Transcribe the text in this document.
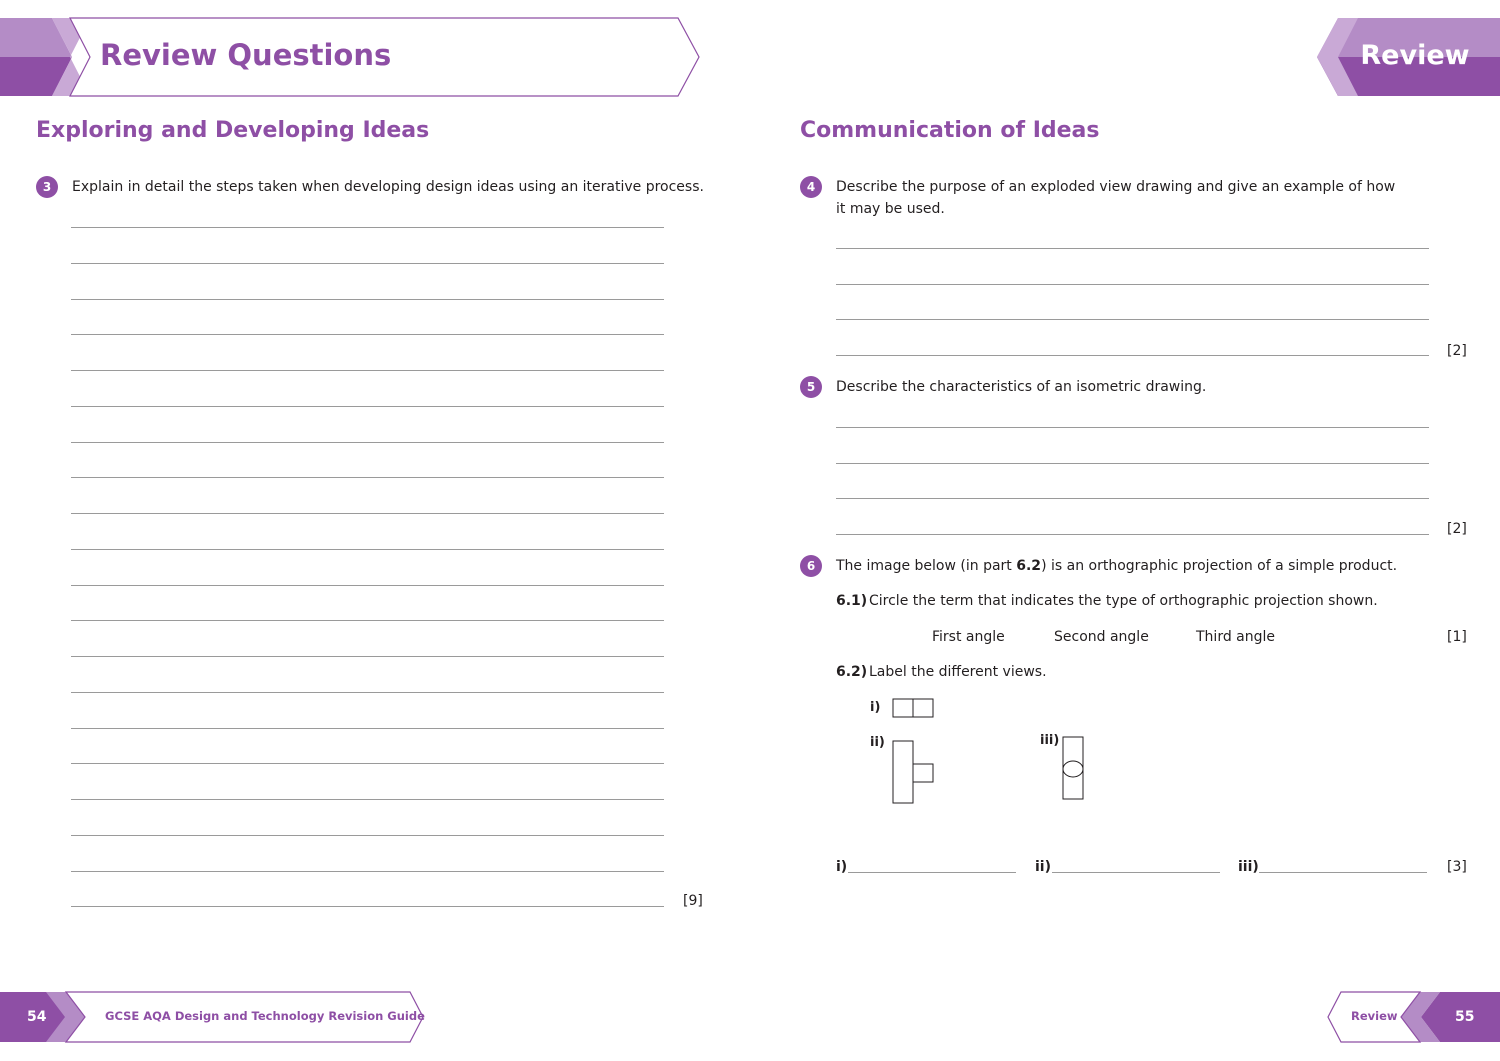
Review Questions	Review
Exploring and Developing Ideas
3	Explain in detail the steps taken when developing design ideas using an iterative process.
[9]
Communication of Ideas
4	Describe the purpose of an exploded view drawing and give an example of how
it may be used.
[2]
5	Describe the characteristics of an isometric drawing.
[2]
6	The image below (in part 6.2) is an orthographic projection of a simple product.
6.1) Circle the term that indicates the type of orthographic projection shown.
First angle	Second angle	Third angle	[1]
6.2) Label the different views.
i)
ii)	iii)
i)	ii)	iii)	[3]
54	GCSE AQA Design and Technology Revision Guide	Review	55
